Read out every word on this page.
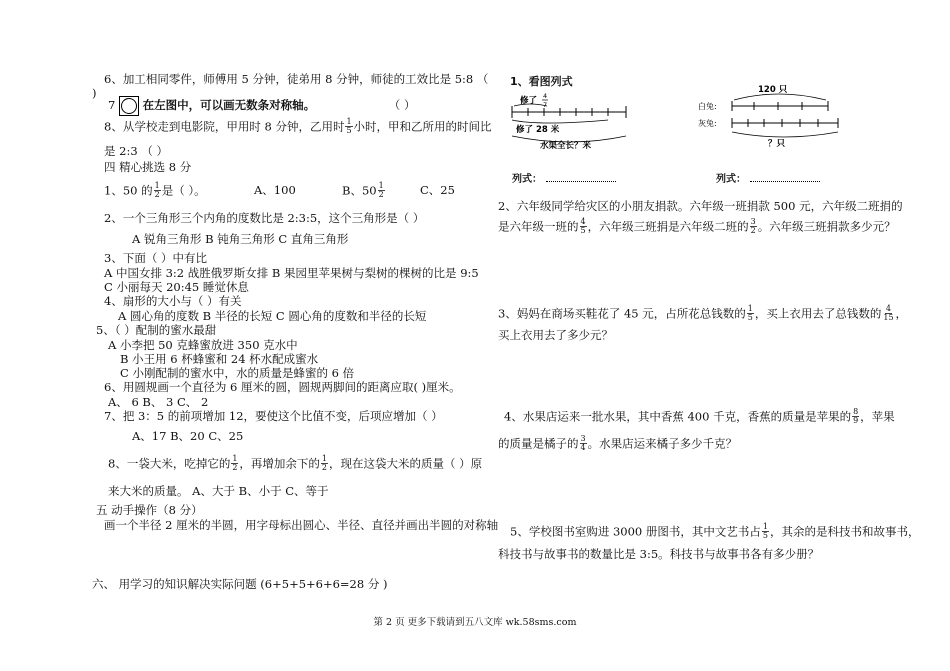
6、加工相同零件，师傅用 5 分钟，徒弟用 8 分钟，师徒的工效比是 5:8 （
)
7 在左图中，可以画无数条对称轴。	（ ）
8、从学校走到电影院，甲用时 8 分钟，乙用时 $\frac{1}{5}$ 小时，甲和乙所用的时间比
是 2:3 （ ）
四 精心挑选 8 分
1、50 的 $\frac{1}{2}$ 是（ ）。	A、100	B、$50 \frac{1}{2}$	C、25
2、一个三角形三个内角的度数比是 2:3:5，这个三角形是（ ）
A 锐角三角形 B 钝角三角形 C 直角三角形
3、下面（ ）中有比
A 中国女排 3:2 战胜俄罗斯女排 B 果园里苹果树与梨树的棵树的比是 9:5
C 小丽每天 20:45 睡觉休息
4、扇形的大小与（ ）有关
A 圆心角的度数 B 半径的长短 C 圆心角的度数和半径的长短
5、（ ）配制的蜜水最甜
A 小李把 50 克蜂蜜放进 350 克水中
B 小王用 6 杯蜂蜜和 24 杯水配成蜜水
C 小刚配制的蜜水中，水的质量是蜂蜜的 6 倍
6、用圆规画一个直径为 6 厘米的圆，圆规两脚间的距离应取( )厘米。
A、 6 B、 3 C、 2
7、把 3：5 的前项增加 12，要使这个比值不变，后项应增加（ ）
A、17 B、20 C、25
8、一袋大米，吃掉它的 $\frac{1}{2}$ ，再增加余下的 $\frac{1}{2}$ ，现在这袋大米的质量（ ）原
来大米的质量。 A、大于 B、小于 C、等于
五 动手操作（8 分）
画一个半径 2 厘米的半圆，用字母标出圆心、半径、直径并画出半圆的对称轴
六、 用学习的知识解决实际问题 (6+5+5+6+6=28 分 )
1、看图列式
修了 4
7
修了 28 米
水渠全长？米
120 只
白兔:
灰兔:
？只
列式：	列式：
2、六年级同学给灾区的小朋友捐款。六年级一班捐款 500 元，六年级二班捐的
是六年级一班的 $\frac{4}{5}$ ，六年级三班捐是六年级二班的 $\frac{3}{2}$ 。六年级三班捐款多少元？
3、妈妈在商场买鞋花了 45 元，占所花总钱数的 $\frac{1}{5}$ ，买上衣用去了总钱数的 $\frac{4}{15}$ ，
买上衣用去了多少元？
4、水果店运来一批水果，其中香蕉 400 千克，香蕉的质量是苹果的 $\frac{8}{9}$ ，苹果
的质量是橘子的 $\frac{3}{4}$ 。水果店运来橘子多少千克？
5、学校图书室购进 3000 册图书，其中文艺书占 $\frac{1}{5}$ ，其余的是科技书和故事书，
科技书与故事书的数量比是 3:5。科技书与故事书各有多少册？
第 2 页 更多下载请到五八文库 wk.58sms.com
